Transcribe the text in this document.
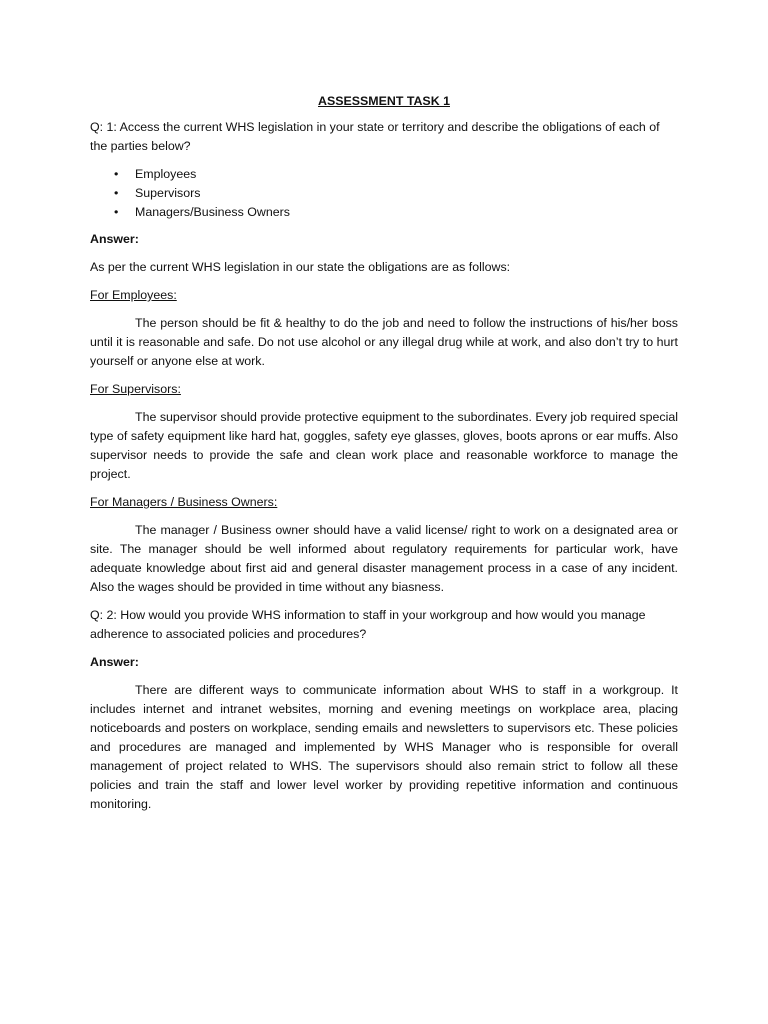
ASSESSMENT TASK 1

Q: 1: Access the current WHS legislation in your state or territory and describe the obligations of each of the parties below?

• Employees
• Supervisors
• Managers/Business Owners

Answer:

As per the current WHS legislation in our state the obligations are as follows:

For Employees:

The person should be fit & healthy to do the job and need to follow the instructions of his/her boss until it is reasonable and safe. Do not use alcohol or any illegal drug while at work, and also don’t try to hurt yourself or anyone else at work.

For Supervisors:

The supervisor should provide protective equipment to the subordinates. Every job required special type of safety equipment like hard hat, goggles, safety eye glasses, gloves, boots aprons or ear muffs. Also supervisor needs to provide the safe and clean work place and reasonable workforce to manage the project.

For Managers / Business Owners:

The manager / Business owner should have a valid license/ right to work on a designated area or site. The manager should be well informed about regulatory requirements for particular work, have adequate knowledge about first aid and general disaster management process in a case of any incident. Also the wages should be provided in time without any biasness.

Q: 2: How would you provide WHS information to staff in your workgroup and how would you manage adherence to associated policies and procedures?

Answer:

There are different ways to communicate information about WHS to staff in a workgroup. It includes internet and intranet websites, morning and evening meetings on workplace area, placing noticeboards and posters on workplace, sending emails and newsletters to supervisors etc. These policies and procedures are managed and implemented by WHS Manager who is responsible for overall management of project related to WHS. The supervisors should also remain strict to follow all these policies and train the staff and lower level worker by providing repetitive information and continuous monitoring.
